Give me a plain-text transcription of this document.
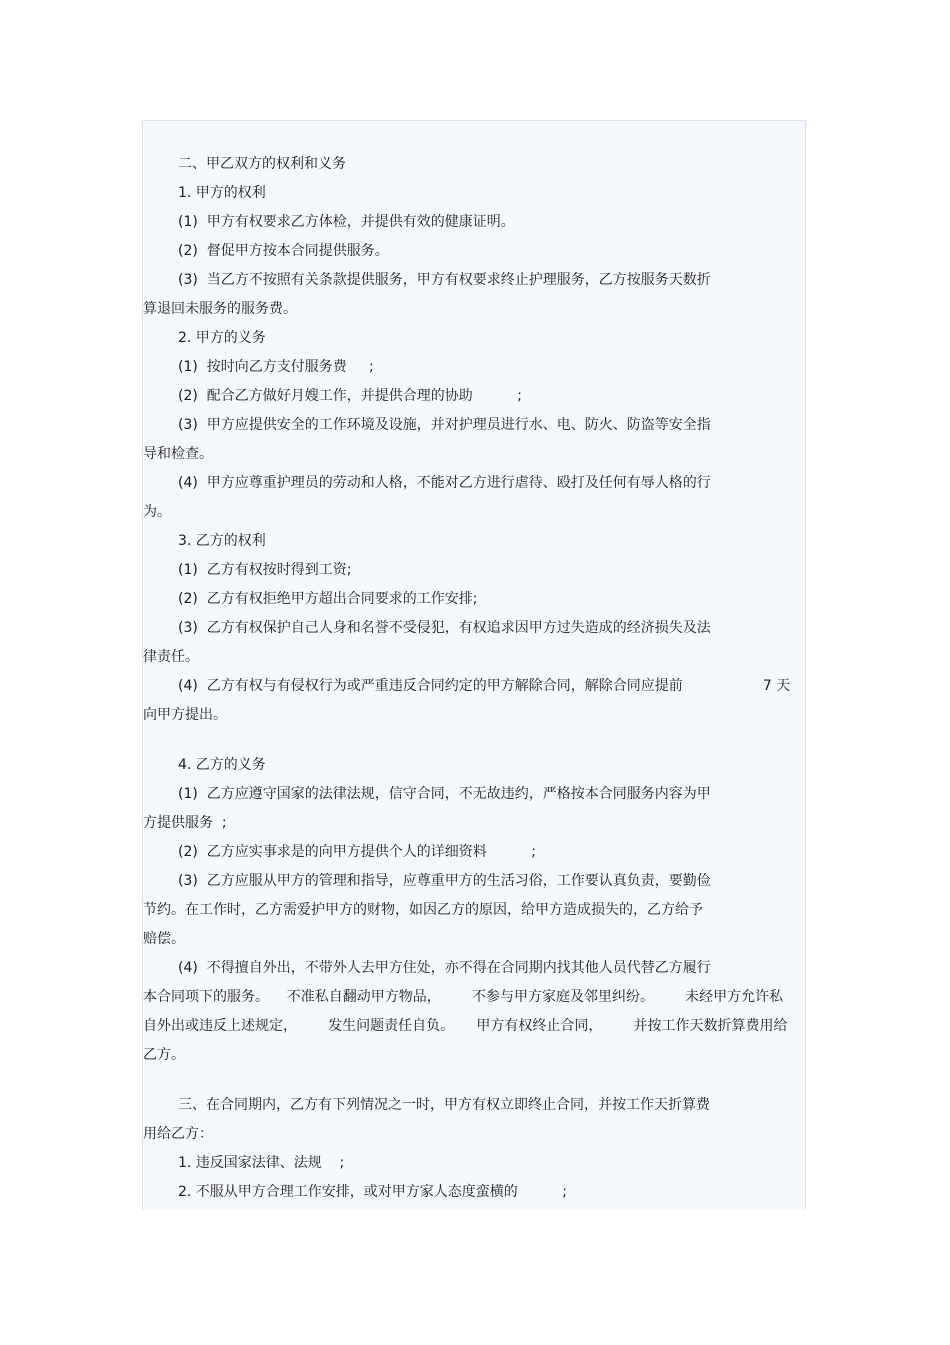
二、甲乙双方的权利和义务
1. 甲方的权利
(1)  甲方有权要求乙方体检，并提供有效的健康证明。
(2)  督促甲方按本合同提供服务。
(3)  当乙方不按照有关条款提供服务，甲方有权要求终止护理服务，乙方按服务天数折
算退回未服务的服务费。
2. 甲方的义务
(1)  按时向乙方支付服务费     ;
(2)  配合乙方做好月嫂工作，并提供合理的协助          ;
(3)  甲方应提供安全的工作环境及设施，并对护理员进行水、电、防火、防盗等安全指
导和检查。
(4)  甲方应尊重护理员的劳动和人格，不能对乙方进行虐待、殴打及任何有辱人格的行
为。
3. 乙方的权利
(1)  乙方有权按时得到工资;
(2)  乙方有权拒绝甲方超出合同要求的工作安排;
(3)  乙方有权保护自己人身和名誉不受侵犯，有权追求因甲方过失造成的经济损失及法
律责任。
(4)  乙方有权与有侵权行为或严重违反合同约定的甲方解除合同，解除合同应提前                  7 天
向甲方提出。
4. 乙方的义务
(1)  乙方应遵守国家的法律法规，信守合同，不无故违约，严格按本合同服务内容为甲
方提供服务  ;
(2)  乙方应实事求是的向甲方提供个人的详细资料          ;
(3)  乙方应服从甲方的管理和指导，应尊重甲方的生活习俗，工作要认真负责，要勤俭
节约。在工作时，乙方需爱护甲方的财物，如因乙方的原因，给甲方造成损失的，乙方给予
赔偿。
(4)  不得擅自外出，不带外人去甲方住处，亦不得在合同期内找其他人员代替乙方履行
本合同项下的服务。    不准私自翻动甲方物品，       不参与甲方家庭及邻里纠纷。       未经甲方允许私
自外出或违反上述规定，       发生问题责任自负。     甲方有权终止合同，       并按工作天数折算费用给
乙方。
三、在合同期内，乙方有下列情况之一时，甲方有权立即终止合同，并按工作天折算费
用给乙方：
1. 违反国家法律、法规    ;
2. 不服从甲方合理工作安排，或对甲方家人态度蛮横的          ;
